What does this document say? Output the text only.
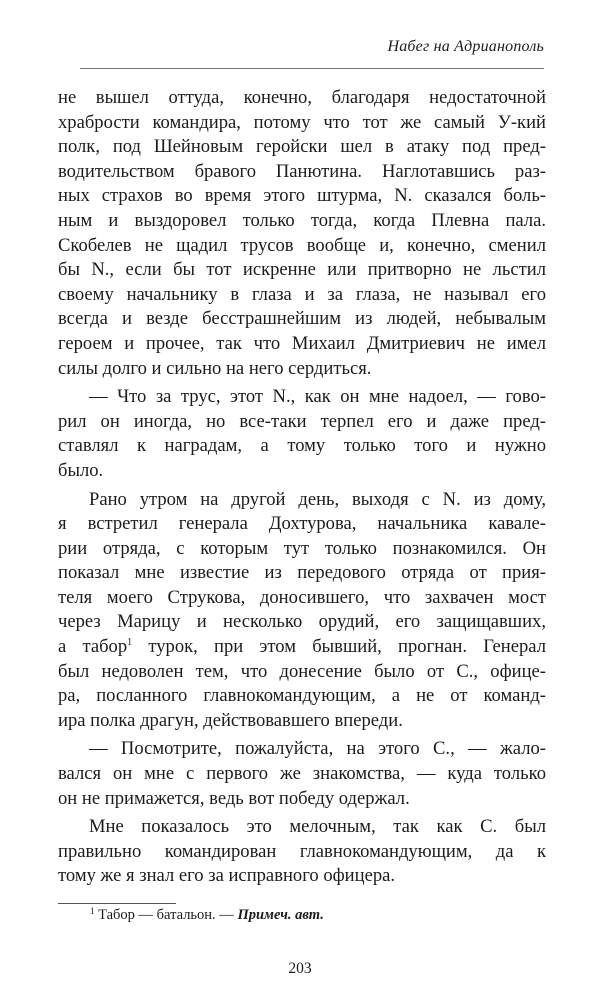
Набег на Адрианополь
не вышел оттуда, конечно, благодаря недостаточной
храбрости командира, потому что тот же самый У-кий
полк, под Шейновым геройски шел в атаку под пред-
водительством бравого Панютина. Наглотавшись раз-
ных страхов во время этого штурма, N. сказался боль-
ным и выздоровел только тогда, когда Плевна пала.
Скобелев не щадил трусов вообще и, конечно, сменил
бы N., если бы тот искренне или притворно не льстил
своему начальнику в глаза и за глаза, не называл его
всегда и везде бесстрашнейшим из людей, небывалым
героем и прочее, так что Михаил Дмитриевич не имел
силы долго и сильно на него сердиться.
— Что за трус, этот N., как он мне надоел, — гово-
рил он иногда, но все-таки терпел его и даже пред-
ставлял к наградам, а тому только того и нужно
было.
Рано утром на другой день, выходя с N. из дому,
я встретил генерала Дохтурова, начальника кавале-
рии отряда, с которым тут только познакомился. Он
показал мне известие из передового отряда от прия-
теля моего Струкова, доносившего, что захвачен мост
через Марицу и несколько орудий, его защищавших,
а табор$^1$ турок, при этом бывший, прогнан. Генерал
был недоволен тем, что донесение было от С., офице-
ра, посланного главнокомандующим, а не от команд-
ира полка драгун, действовавшего впереди.
— Посмотрите, пожалуйста, на этого С., — жало-
вался он мне с первого же знакомства, — куда только
он не примажется, ведь вот победу одержал.
Мне показалось это мелочным, так как С. был
правильно командирован главнокомандующим, да к
тому же я знал его за исправного офицера.
$^1$ Табор — батальон. — Примеч. авт.
203
